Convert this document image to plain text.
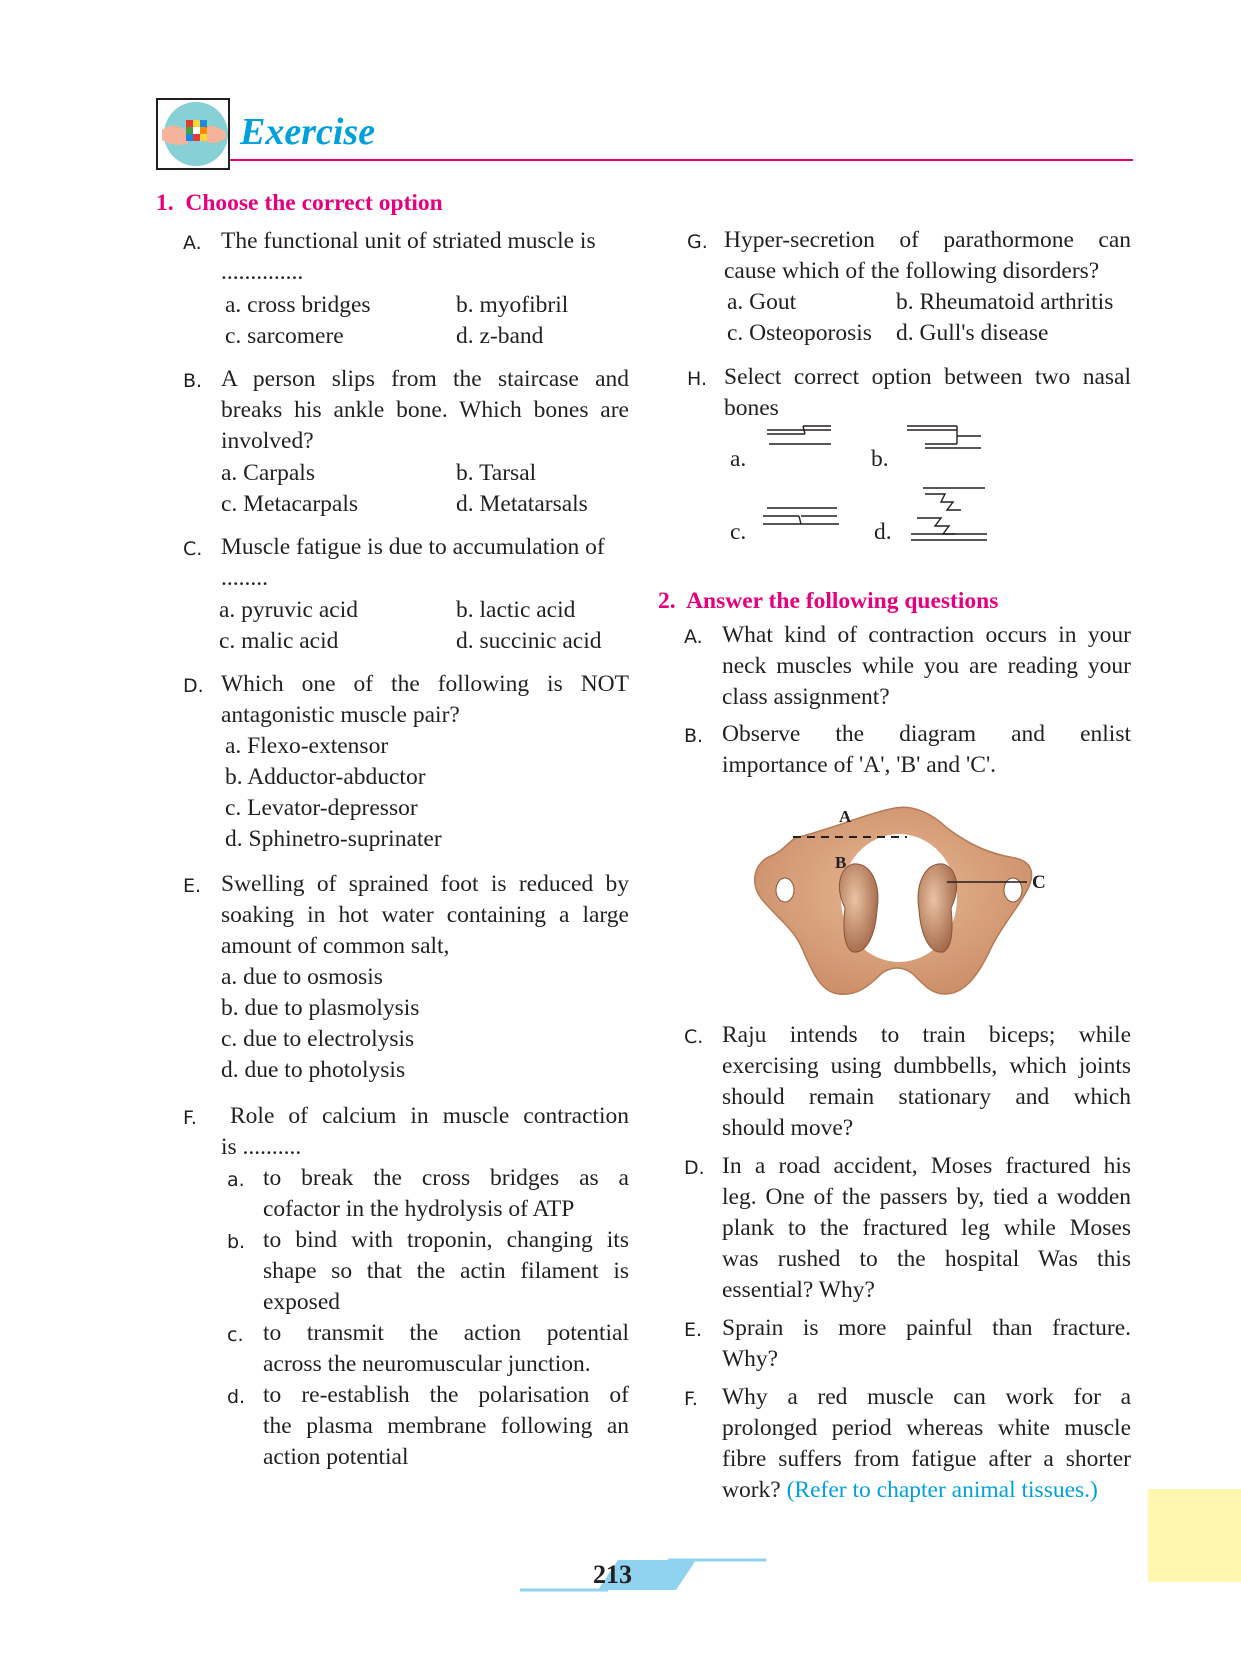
Exercise
1.  Choose the correct option
A. The functional unit of striated muscle is
..............
a. cross bridges	b. myofibril
c. sarcomere	d. z-band
B. A person slips from the staircase and
breaks his ankle bone. Which bones are
involved?
a. Carpals	b. Tarsal
c. Metacarpals	d. Metatarsals
C. Muscle fatigue is due to accumulation of
........
a. pyruvic acid	b. lactic acid
c. malic acid	d. succinic acid
D. Which one of the following is NOT
antagonistic muscle pair?
a. Flexo-extensor
b. Adductor-abductor
c. Levator-depressor
d. Sphinetro-suprinater
E. Swelling of sprained foot is reduced by
soaking in hot water containing a large
amount of common salt,
a. due to osmosis
b. due to plasmolysis
c. due to electrolysis
d. due to photolysis
F.	Role of calcium in muscle contraction
is ..........
a. to break the cross bridges as a
cofactor in the hydrolysis of ATP
b. to bind with troponin, changing its
shape so that the actin filament is
exposed
c. to transmit the action potential
across the neuromuscular junction.
d. to re-establish the polarisation of
the plasma membrane following an
action potential
G. Hyper-secretion of parathormone can
cause which of the following disorders?
a. Gout	b. Rheumatoid arthritis
c. Osteoporosis d. Gull's disease
H. Select correct option between two nasal
bones
a.	b.
c.	d.
2.  Answer the following questions
A. What kind of contraction occurs in your
neck muscles while you are reading your
class assignment?
B. Observe the diagram and enlist
importance of 'A', 'B' and 'C'.
A
B
C
C. Raju intends to train biceps; while
exercising using dumbbells, which joints
should remain stationary and which
should move?
D. In a road accident, Moses fractured his
leg. One of the passers by, tied a wodden
plank to the fractured leg while Moses
was rushed to the hospital Was this
essential? Why?
E. Sprain is more painful than fracture.
Why?
F. Why a red muscle can work for a
prolonged period whereas white muscle
fibre suffers from fatigue after a shorter
work? (Refer to chapter animal tissues.)
213
